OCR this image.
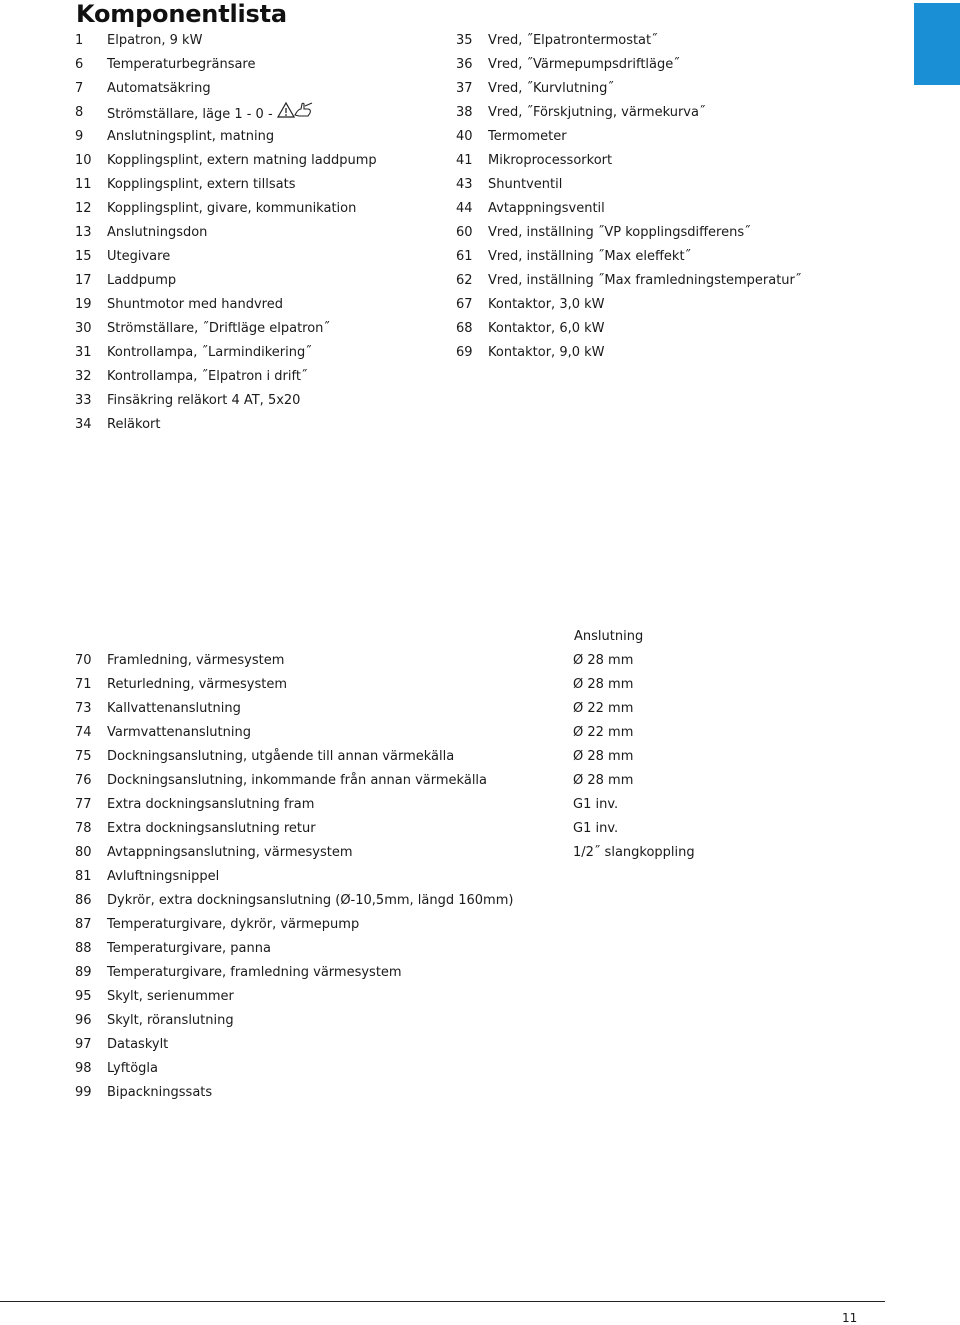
Komponentlista
1	Elpatron, 9 kW
6	Temperaturbegränsare
7	Automatsäkring
8	Strömställare, läge 1 - 0 -
9	Anslutningsplint, matning
10	Kopplingsplint, extern matning laddpump
11	Kopplingsplint, extern tillsats
12	Kopplingsplint, givare, kommunikation
13	Anslutningsdon
15	Utegivare
17	Laddpump
19	Shuntmotor med handvred
30	Strömställare, ˝Driftläge elpatron˝
31	Kontrollampa, ˝Larmindikering˝
32	Kontrollampa, ˝Elpatron i drift˝
33	Finsäkring reläkort 4 AT, 5x20
34	Reläkort
35	Vred, ˝Elpatrontermostat˝
36	Vred, ˝Värmepumpsdriftläge˝
37	Vred, ˝Kurvlutning˝
38	Vred, ˝Förskjutning, värmekurva˝
40	Termometer
41	Mikroprocessorkort
43	Shuntventil
44	Avtappningsventil
60	Vred, inställning ˝VP kopplingsdifferens˝
61	Vred, inställning ˝Max eleffekt˝
62	Vred, inställning ˝Max framledningstemperatur˝
67	Kontaktor, 3,0 kW
68	Kontaktor, 6,0 kW
69	Kontaktor, 9,0 kW
Anslutning
70	Framledning, värmesystem	Ø 28 mm
71	Returledning, värmesystem	Ø 28 mm
73	Kallvattenanslutning	Ø 22 mm
74	Varmvattenanslutning	Ø 22 mm
75	Dockningsanslutning, utgående till annan värmekälla	Ø 28 mm
76	Dockningsanslutning, inkommande från annan värmekälla	Ø 28 mm
77	Extra dockningsanslutning fram	G1 inv.
78	Extra dockningsanslutning retur	G1 inv.
80	Avtappningsanslutning, värmesystem	1/2˝ slangkoppling
81	Avluftningsnippel
86	Dykrör, extra dockningsanslutning (Ø-10,5mm, längd 160mm)
87	Temperaturgivare, dykrör, värmepump
88	Temperaturgivare, panna
89	Temperaturgivare, framledning värmesystem
95	Skylt, serienummer
96	Skylt, röranslutning
97	Dataskylt
98	Lyftögla
99	Bipackningssats
11
